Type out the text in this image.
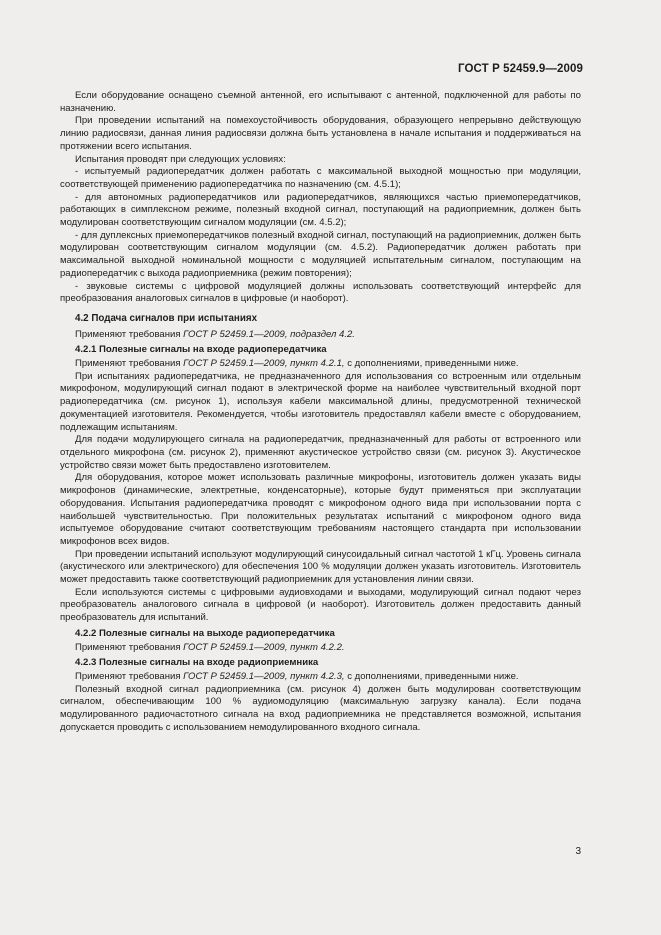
ГОСТ Р 52459.9—2009

Если оборудование оснащено съемной антенной, его испытывают с антенной, подключенной для работы по назначению.

При проведении испытаний на помехоустойчивость оборудования, образующего непрерывно действующую линию радиосвязи, данная линия радиосвязи должна быть установлена в начале испытания и поддерживаться на протяжении всего испытания.

Испытания проводят при следующих условиях:

- испытуемый радиопередатчик должен работать с максимальной выходной мощностью при модуляции, соответствующей применению радиопередатчика по назначению (см. 4.5.1);

- для автономных радиопередатчиков или радиопередатчиков, являющихся частью приемопередатчиков, работающих в симплексном режиме, полезный входной сигнал, поступающий на радиоприемник, должен быть модулирован соответствующим сигналом модуляции (см. 4.5.2);

- для дуплексных приемопередатчиков полезный входной сигнал, поступающий на радиоприемник, должен быть модулирован соответствующим сигналом модуляции (см. 4.5.2). Радиопередатчик должен работать при максимальной выходной номинальной мощности с модуляцией испытательным сигналом, поступающим на радиопередатчик с выхода радиоприемника (режим повторения);

- звуковые системы с цифровой модуляцией должны использовать соответствующий интерфейс для преобразования аналоговых сигналов в цифровые (и наоборот).

4.2 Подача сигналов при испытаниях

Применяют требования ГОСТ Р 52459.1—2009, подраздел 4.2.

4.2.1 Полезные сигналы на входе радиопередатчика

Применяют требования ГОСТ Р 52459.1—2009, пункт 4.2.1, с дополнениями, приведенными ниже.

При испытаниях радиопередатчика, не предназначенного для использования со встроенным или отдельным микрофоном, модулирующий сигнал подают в электрической форме на наиболее чувствительный входной порт радиопередатчика (см. рисунок 1), используя кабели максимальной длины, предусмотренной технической документацией изготовителя. Рекомендуется, чтобы изготовитель предоставлял кабели вместе с оборудованием, подлежащим испытаниям.

Для подачи модулирующего сигнала на радиопередатчик, предназначенный для работы от встроенного или отдельного микрофона (см. рисунок 2), применяют акустическое устройство связи (см. рисунок 3). Акустическое устройство связи может быть предоставлено изготовителем.

Для оборудования, которое может использовать различные микрофоны, изготовитель должен указать виды микрофонов (динамические, электретные, конденсаторные), которые будут применяться при эксплуатации оборудования. Испытания радиопередатчика проводят с микрофоном одного вида при использовании порта с наибольшей чувствительностью. При положительных результатах испытаний с микрофоном одного вида испытуемое оборудование считают соответствующим требованиям настоящего стандарта при использовании микрофонов всех видов.

При проведении испытаний используют модулирующий синусоидальный сигнал частотой 1 кГц. Уровень сигнала (акустического или электрического) для обеспечения 100 % модуляции должен указать изготовитель. Изготовитель может предоставить также соответствующий радиоприемник для установления линии связи.

Если используются системы с цифровыми аудиовходами и выходами, модулирующий сигнал подают через преобразователь аналогового сигнала в цифровой (и наоборот). Изготовитель должен предоставить данный преобразователь для испытаний.

4.2.2 Полезные сигналы на выходе радиопередатчика

Применяют требования ГОСТ Р 52459.1—2009, пункт 4.2.2.

4.2.3 Полезные сигналы на входе радиоприемника

Применяют требования ГОСТ Р 52459.1—2009, пункт 4.2.3, с дополнениями, приведенными ниже.

Полезный входной сигнал радиоприемника (см. рисунок 4) должен быть модулирован соответствующим сигналом, обеспечивающим 100 % аудиомодуляцию (максимальную загрузку канала). Если подача модулированного радиочастотного сигнала на вход радиоприемника не представляется возможной, испытания допускается проводить с использованием немодулированного входного сигнала.

3
